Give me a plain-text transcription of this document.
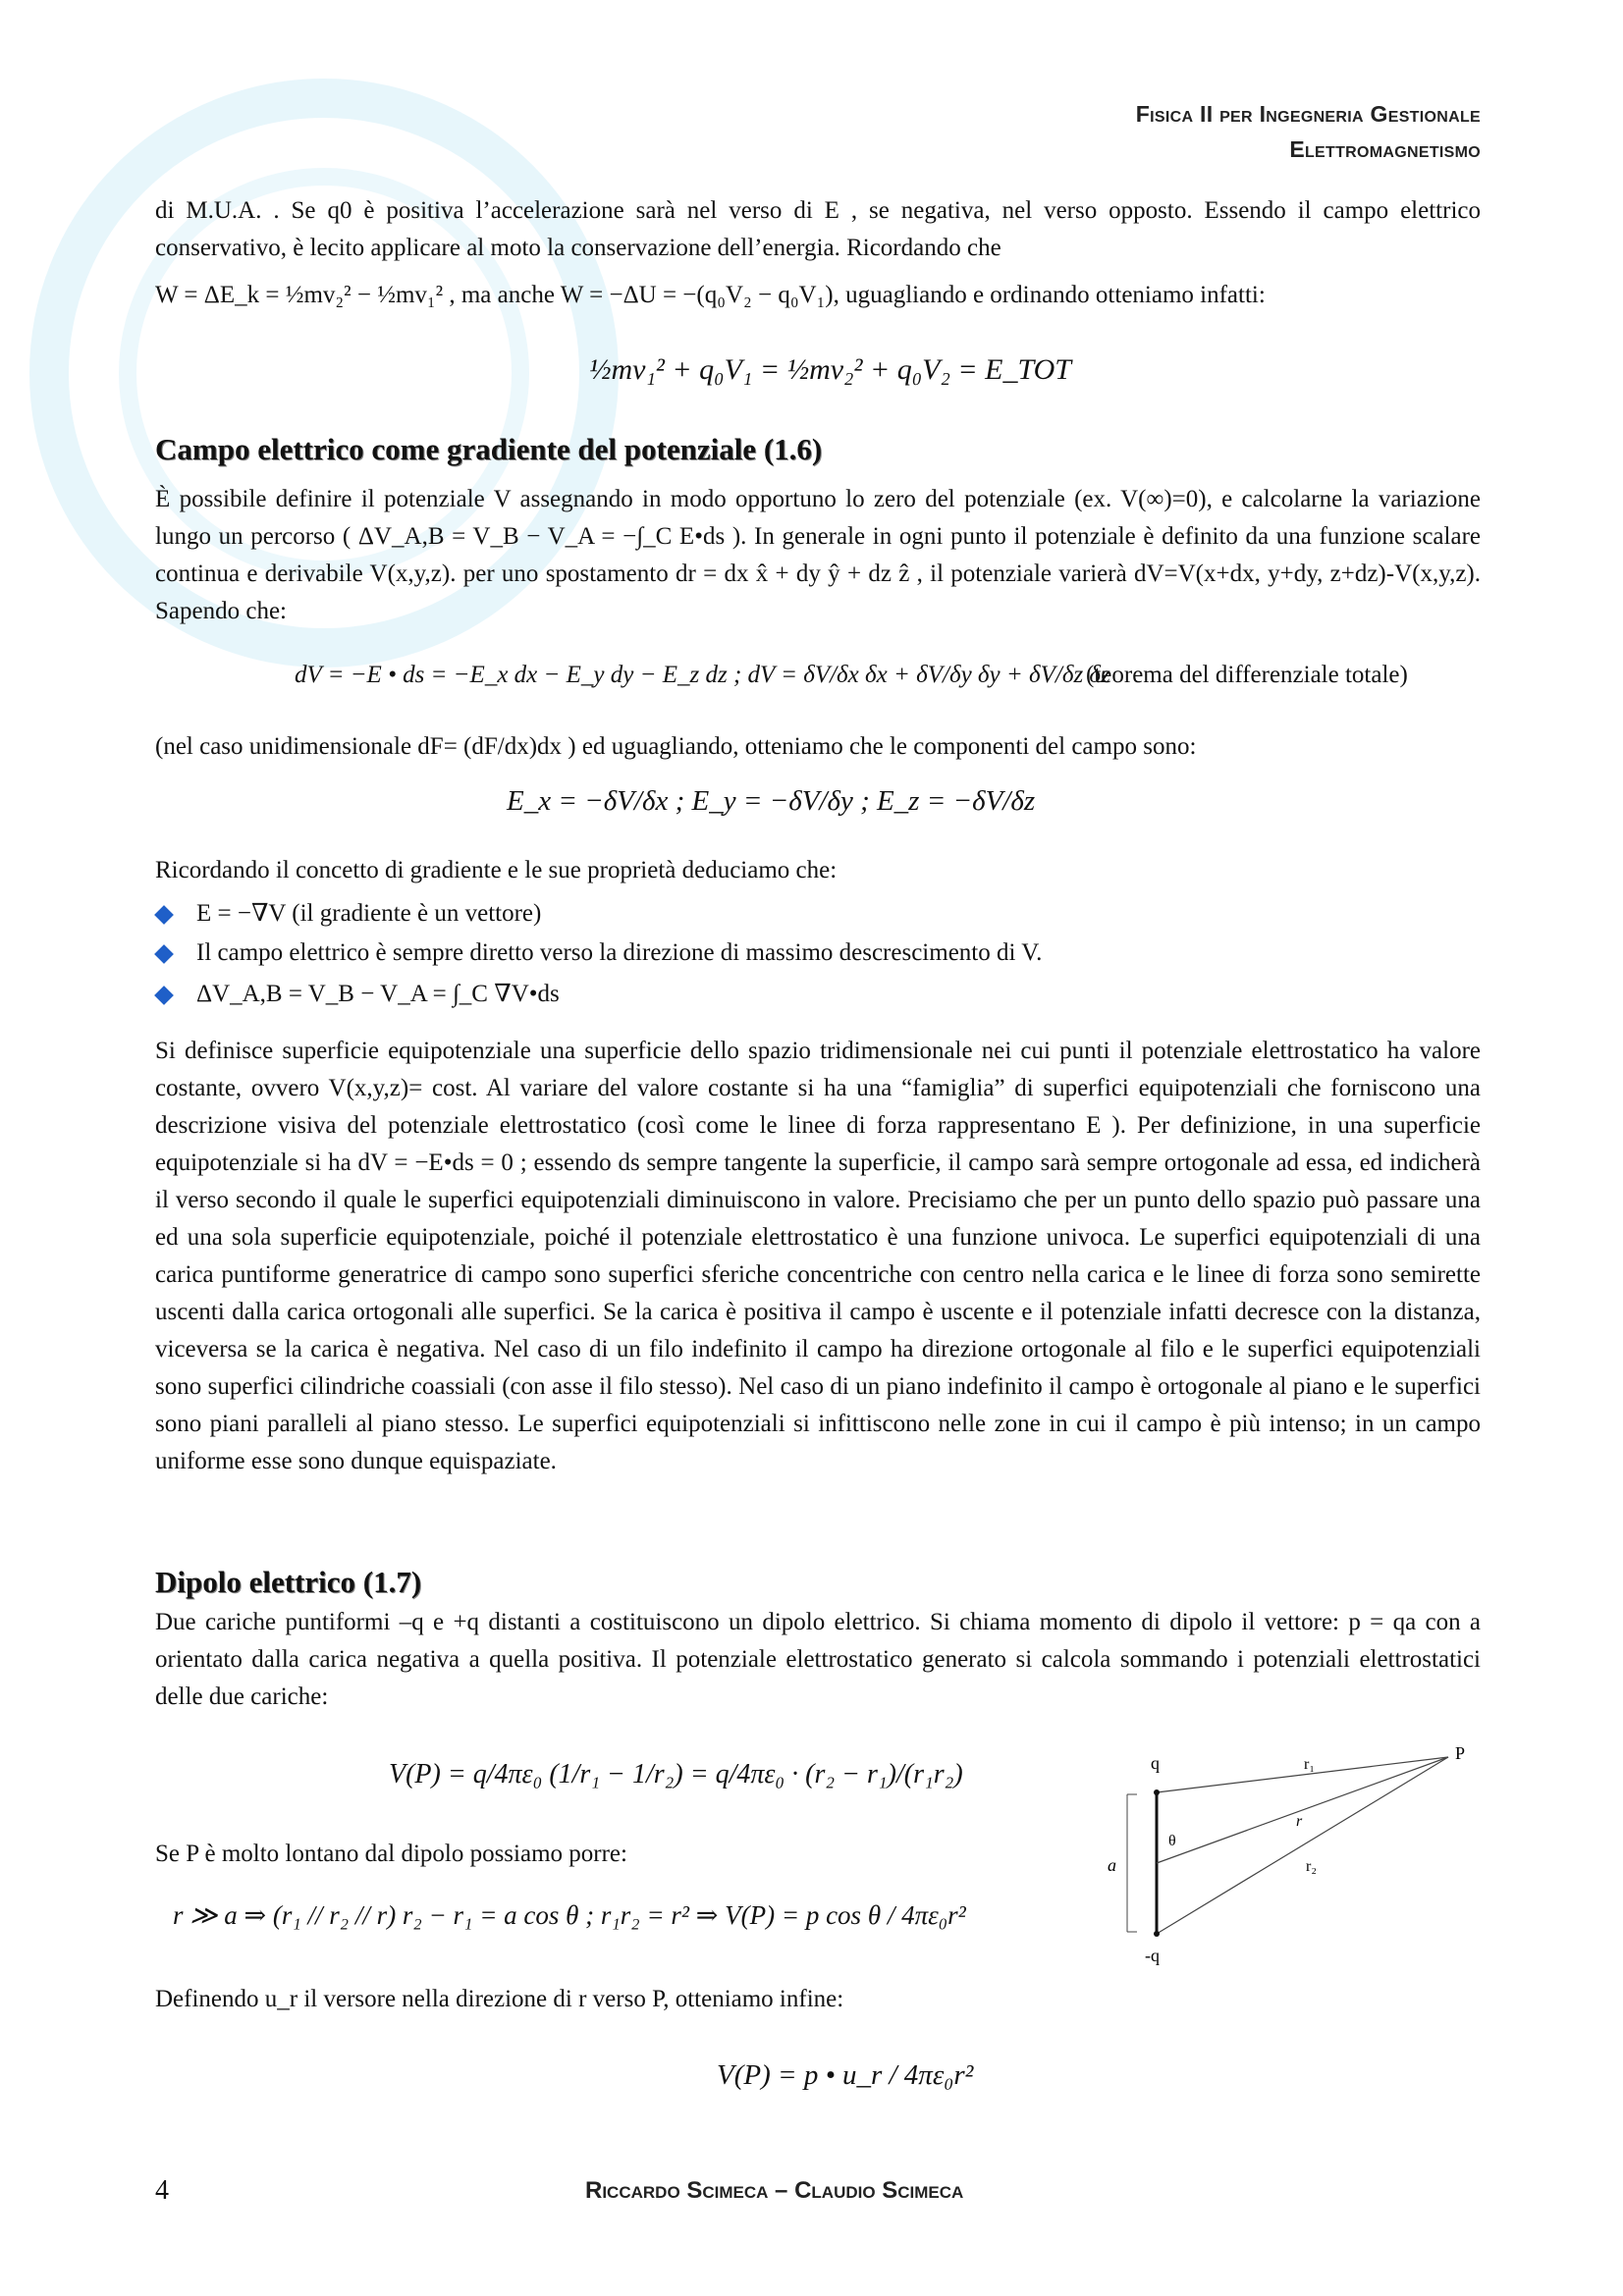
Fisica II per Ingegneria Gestionale
Elettromagnetismo
di M.U.A. . Se q0 è positiva l’accelerazione sarà nel verso di E , se negativa, nel verso opposto. Essendo il campo elettrico conservativo, è lecito applicare al moto la conservazione dell’energia. Ricordando che
W = ΔE_k = ½mv₂² − ½mv₁² , ma anche W = −ΔU = −(q₀V₂ − q₀V₁), uguagliando e ordinando otteniamo infatti:
½mv₁² + q₀V₁ = ½mv₂² + q₀V₂ = E_TOT
Campo elettrico come gradiente del potenziale (1.6)
È possibile definire il potenziale V assegnando in modo opportuno lo zero del potenziale (ex. V(∞)=0), e calcolarne la variazione lungo un percorso ( ΔV_A,B = V_B − V_A = −∫_C E•ds ). In generale in ogni punto il potenziale è definito da una funzione scalare continua e derivabile V(x,y,z). per uno spostamento dr = dx x̂ + dy ŷ + dz ẑ , il potenziale varierà dV=V(x+dx, y+dy, z+dz)-V(x,y,z). Sapendo che:
dV = −E • ds = −E_x dx − E_y dy − E_z dz ; dV = δV/δx δx + δV/δy δy + δV/δz δz
(teorema del differenziale totale)
(nel caso unidimensionale dF= (dF/dx)dx ) ed uguagliando, otteniamo che le componenti del campo sono:
E_x = −δV/δx ; E_y = −δV/δy ; E_z = −δV/δz
Ricordando il concetto di gradiente e le sue proprietà deduciamo che:
E = −∇V (il gradiente è un vettore)
Il campo elettrico è sempre diretto verso la direzione di massimo descrescimento di V.
ΔV_A,B = V_B − V_A = ∫_C ∇V•ds
Si definisce superficie equipotenziale una superficie dello spazio tridimensionale nei cui punti il potenziale elettrostatico ha valore costante, ovvero V(x,y,z)= cost. Al variare del valore costante si ha una “famiglia” di superfici equipotenziali che forniscono una descrizione visiva del potenziale elettrostatico (così come le linee di forza rappresentano E ). Per definizione, in una superficie equipotenziale si ha dV = −E•ds = 0 ; essendo ds sempre tangente la superficie, il campo sarà sempre ortogonale ad essa, ed indicherà il verso secondo il quale le superfici equipotenziali diminuiscono in valore. Precisiamo che per un punto dello spazio può passare una ed una sola superficie equipotenziale, poiché il potenziale elettrostatico è una funzione univoca. Le superfici equipotenziali di una carica puntiforme generatrice di campo sono superfici sferiche concentriche con centro nella carica e le linee di forza sono semirette uscenti dalla carica ortogonali alle superfici. Se la carica è positiva il campo è uscente e il potenziale infatti decresce con la distanza, viceversa se la carica è negativa. Nel caso di un filo indefinito il campo ha direzione ortogonale al filo e le superfici equipotenziali sono superfici cilindriche coassiali (con asse il filo stesso). Nel caso di un piano indefinito il campo è ortogonale al piano e le superfici sono piani paralleli al piano stesso. Le superfici equipotenziali si infittiscono nelle zone in cui il campo è più intenso; in un campo uniforme esse sono dunque equispaziate.
Dipolo elettrico (1.7)
Due cariche puntiformi –q e +q distanti a costituiscono un dipolo elettrico. Si chiama momento di dipolo il vettore: p = qa con a orientato dalla carica negativa a quella positiva. Il potenziale elettrostatico generato si calcola sommando i potenziali elettrostatici delle due cariche:
V(P) = q/4πε₀ (1/r₁ − 1/r₂) = q/4πε₀ · (r₂ − r₁)/(r₁r₂)
Se P è molto lontano dal dipolo possiamo porre:
r ≫ a ⇒ (r₁ // r₂ // r) r₂ − r₁ = a cos θ ; r₁r₂ = r² ⇒ V(P) = p cos θ / 4πε₀r²
Definendo u_r il versore nella direzione di r verso P, otteniamo infine:
V(P) = p • u_r / 4πε₀r²
q
-q
P
r₁
r
r₂
θ
a
4	Riccardo Scimeca – Claudio Scimeca
